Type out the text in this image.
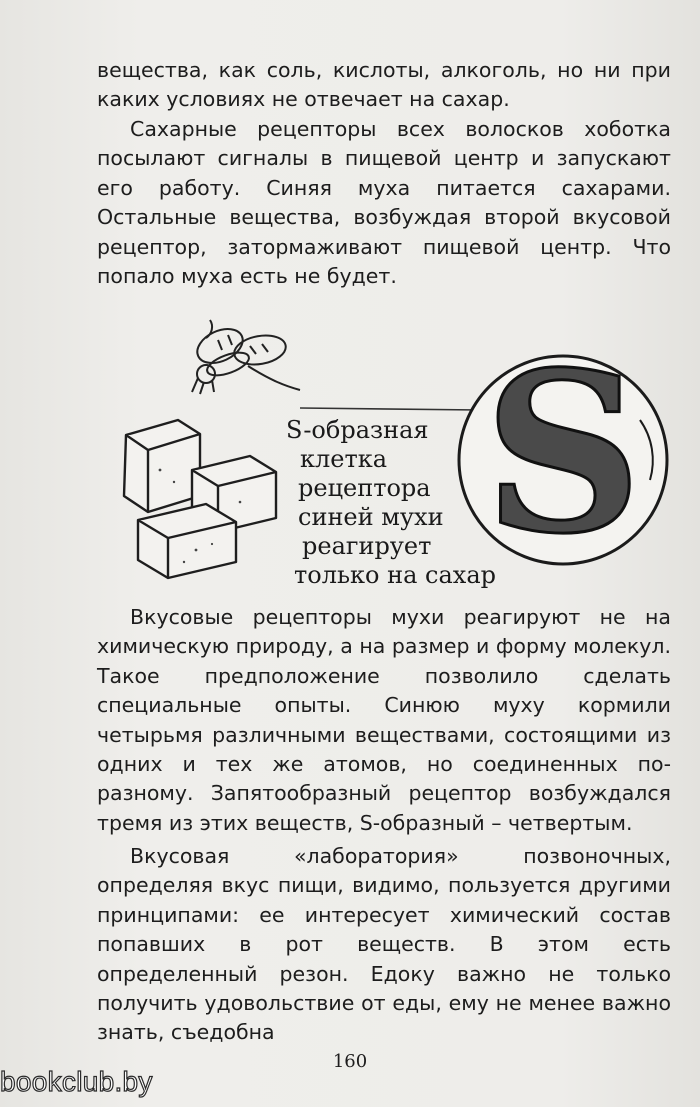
вещества, как соль, кислоты, алкоголь, но ни при каких условиях не отвечает на сахар.

Сахарные рецепторы всех волосков хоботка посылают сигналы в пищевой центр и запускают его работу. Синяя муха питается сахарами. Остальные вещества, возбуждая второй вкусовой рецептор, затормаживают пищевой центр. Что попало муха есть не будет.

S
S-образная
клетка
рецептора
синей мухи
реагирует
только на сахар

Вкусовые рецепторы мухи реагируют не на химическую природу, а на размер и форму молекул. Такое предположение позволило сделать специальные опыты. Синюю муху кормили четырьмя различными веществами, состоящими из одних и тех же атомов, но соединенных по-разному. Запятообразный рецептор возбуждался тремя из этих веществ, S-образный – четвертым.

Вкусовая «лаборатория» позвоночных, определяя вкус пищи, видимо, пользуется другими принципами: ее интересует химический состав попавших в рот веществ. В этом есть определенный резон. Едоку важно не только получить удовольствие от еды, ему не менее важно знать, съедобна

160
bookclub.by
